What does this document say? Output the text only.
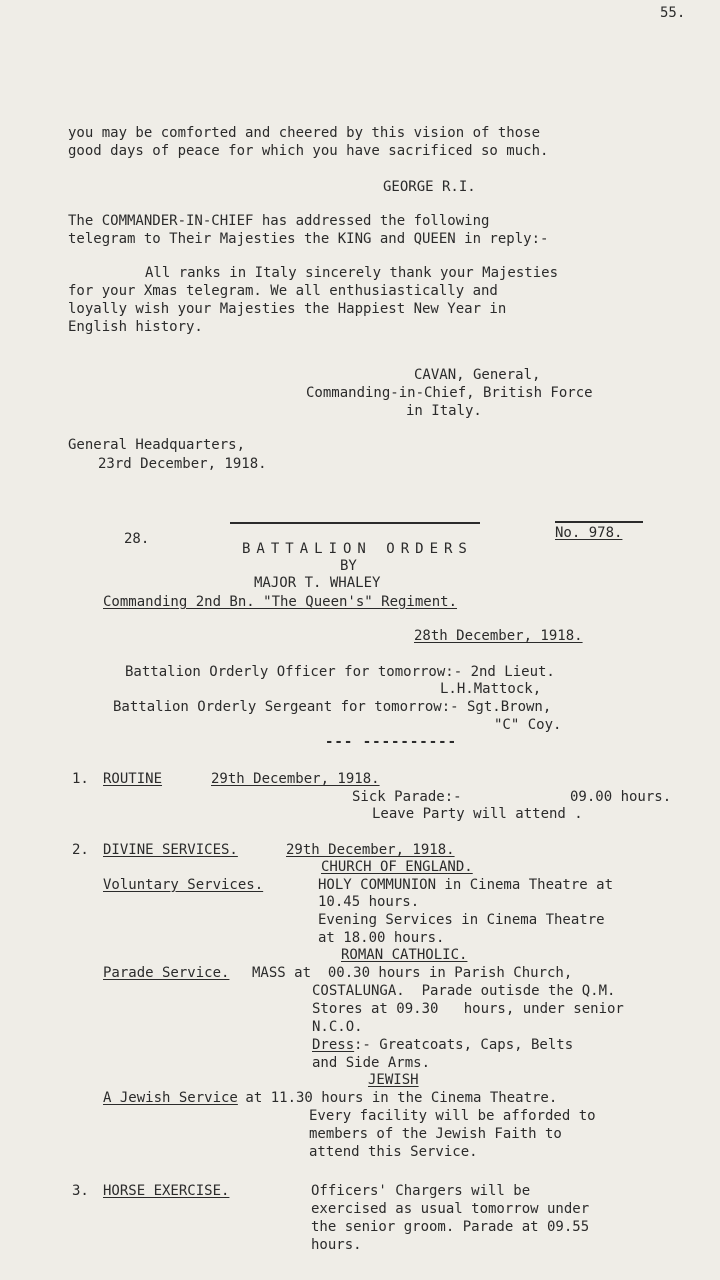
55.
you may be comforted and cheered by this vision of those
good days of peace for which you have sacrificed so much.
GEORGE R.I.
The COMMANDER-IN-CHIEF has addressed the following
telegram to Their Majesties the KING and QUEEN in reply:-
All ranks in Italy sincerely thank your Majesties
for your Xmas telegram. We all enthusiastically and
loyally wish your Majesties the Happiest New Year in
English history.
CAVAN, General,
Commanding-in-Chief, British Force
in Italy.
General Headquarters,
23rd December, 1918.
28.	No. 978.
BATTALION ORDERS
BY
MAJOR T. WHALEY
Commanding 2nd Bn. "The Queen's" Regiment.
28th December, 1918.
Battalion Orderly Officer for tomorrow:- 2nd Lieut.
L.H.Mattock,
Battalion Orderly Sergeant for tomorrow:- Sgt.Brown,
"C" Coy.
--- ----------
1. ROUTINE	29th December, 1918.
Sick Parade:-	09.00 hours.
Leave Party will attend .
2. DIVINE SERVICES.	29th December, 1918.
CHURCH OF ENGLAND.
Voluntary Services.	HOLY COMMUNION in Cinema Theatre at
10.45 hours.
Evening Services in Cinema Theatre
at 18.00 hours.
ROMAN CATHOLIC.
Parade Service. MASS at  00.30 hours in Parish Church,
COSTALUNGA.  Parade outisde the Q.M.
Stores at 09.30   hours, under senior
N.C.O.
Dress :- Greatcoats, Caps, Belts
and Side Arms.
JEWISH
A Jewish Service at 11.30 hours in the Cinema Theatre.
Every facility will be afforded to
members of the Jewish Faith to
attend this Service.
3. HORSE EXERCISE.	Officers' Chargers will be
exercised as usual tomorrow under
the senior groom. Parade at 09.55
hours.
